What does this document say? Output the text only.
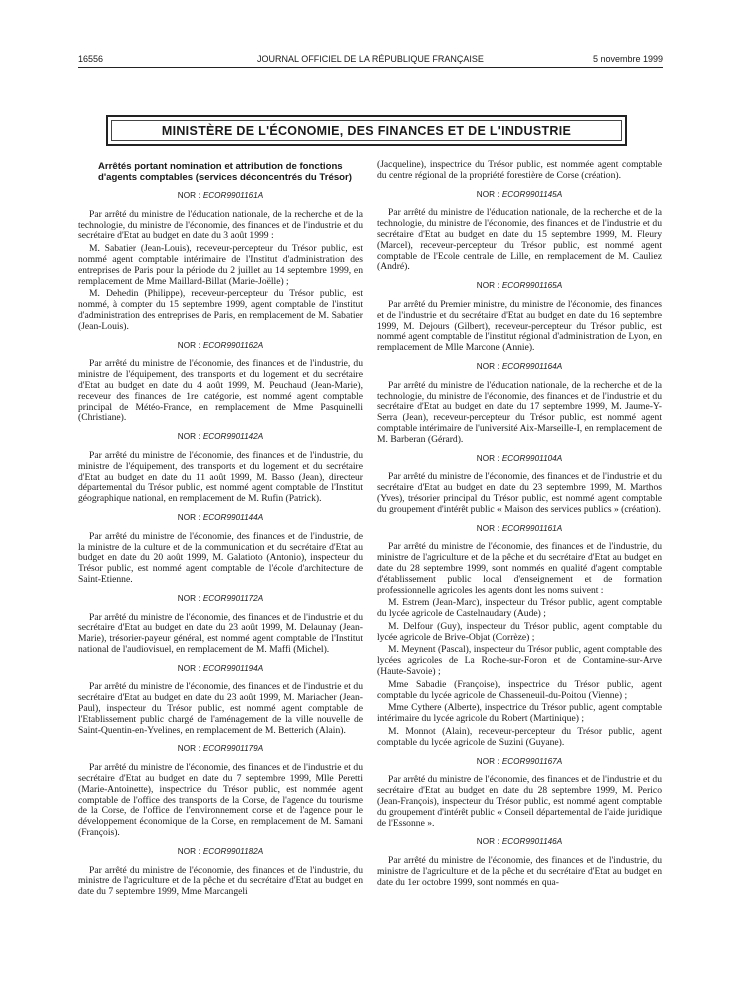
JOURNAL OFFICIEL DE LA RÉPUBLIQUE FRANÇAISE
16556	5 novembre 1999
MINISTÈRE DE L'ÉCONOMIE, DES FINANCES ET DE L'INDUSTRIE
Arrêtés portant nomination et attribution de fonctions d'agents comptables (services déconcentrés du Trésor)
NOR : ECOR9901161A
Par arrêté du ministre de l'éducation nationale, de la recherche et de la technologie, du ministre de l'économie, des finances et de l'industrie et du secrétaire d'Etat au budget en date du 3 août 1999 :
M. Sabatier (Jean-Louis), receveur-percepteur du Trésor public, est nommé agent comptable intérimaire de l'Institut d'administration des entreprises de Paris pour la période du 2 juillet au 14 septembre 1999, en remplacement de Mme Maillard-Billat (Marie-Joëlle) ;
M. Dehedin (Philippe), receveur-percepteur du Trésor public, est nommé, à compter du 15 septembre 1999, agent comptable de l'institut d'administration des entreprises de Paris, en remplacement de M. Sabatier (Jean-Louis).
NOR : ECOR9901162A
Par arrêté du ministre de l'économie, des finances et de l'industrie, du ministre de l'équipement, des transports et du logement et du secrétaire d'Etat au budget en date du 4 août 1999, M. Peuchaud (Jean-Marie), receveur des finances de 1re catégorie, est nommé agent comptable principal de Météo-France, en remplacement de Mme Pasquinelli (Christiane).
NOR : ECOR9901142A
Par arrêté du ministre de l'économie, des finances et de l'industrie, du ministre de l'équipement, des transports et du logement et du secrétaire d'Etat au budget en date du 11 août 1999, M. Basso (Jean), directeur départemental du Trésor public, est nommé agent comptable de l'Institut géographique national, en remplacement de M. Rufin (Patrick).
NOR : ECOR9901144A
Par arrêté du ministre de l'économie, des finances et de l'industrie, de la ministre de la culture et de la communication et du secrétaire d'Etat au budget en date du 20 août 1999, M. Galatioto (Antonio), inspecteur du Trésor public, est nommé agent comptable de l'école d'architecture de Saint-Etienne.
NOR : ECOR9901172A
Par arrêté du ministre de l'économie, des finances et de l'industrie et du secrétaire d'Etat au budget en date du 23 août 1999, M. Delaunay (Jean-Marie), trésorier-payeur général, est nommé agent comptable de l'Institut national de l'audiovisuel, en remplacement de M. Maffi (Michel).
NOR : ECOR9901194A
Par arrêté du ministre de l'économie, des finances et de l'industrie et du secrétaire d'Etat au budget en date du 23 août 1999, M. Mariacher (Jean-Paul), inspecteur du Trésor public, est nommé agent comptable de l'Etablissement public chargé de l'aménagement de la ville nouvelle de Saint-Quentin-en-Yvelines, en remplacement de M. Betterich (Alain).
NOR : ECOR9901179A
Par arrêté du ministre de l'économie, des finances et de l'industrie et du secrétaire d'Etat au budget en date du 7 septembre 1999, Mlle Peretti (Marie-Antoinette), inspectrice du Trésor public, est nommée agent comptable de l'office des transports de la Corse, de l'agence du tourisme de la Corse, de l'office de l'environnement corse et de l'agence pour le développement économique de la Corse, en remplacement de M. Samani (François).
NOR : ECOR9901182A
Par arrêté du ministre de l'économie, des finances et de l'industrie, du ministre de l'agriculture et de la pêche et du secrétaire d'Etat au budget en date du 7 septembre 1999, Mme Marcangeli
(Jacqueline), inspectrice du Trésor public, est nommée agent comptable du centre régional de la propriété forestière de Corse (création).
NOR : ECOR9901145A
Par arrêté du ministre de l'éducation nationale, de la recherche et de la technologie, du ministre de l'économie, des finances et de l'industrie et du secrétaire d'Etat au budget en date du 15 septembre 1999, M. Fleury (Marcel), receveur-percepteur du Trésor public, est nommé agent comptable de l'Ecole centrale de Lille, en remplacement de M. Cauliez (André).
NOR : ECOR9901165A
Par arrêté du Premier ministre, du ministre de l'économie, des finances et de l'industrie et du secrétaire d'Etat au budget en date du 16 septembre 1999, M. Dejours (Gilbert), receveur-percepteur du Trésor public, est nommé agent comptable de l'institut régional d'administration de Lyon, en remplacement de Mlle Marcone (Annie).
NOR : ECOR9901164A
Par arrêté du ministre de l'éducation nationale, de la recherche et de la technologie, du ministre de l'économie, des finances et de l'industrie et du secrétaire d'Etat au budget en date du 17 septembre 1999, M. Jaume-Y-Serra (Jean), receveur-percepteur du Trésor public, est nommé agent comptable intérimaire de l'université Aix-Marseille-I, en remplacement de M. Barberan (Gérard).
NOR : ECOR9901104A
Par arrêté du ministre de l'économie, des finances et de l'industrie et du secrétaire d'Etat au budget en date du 23 septembre 1999, M. Marthos (Yves), trésorier principal du Trésor public, est nommé agent comptable du groupement d'intérêt public « Maison des services publics » (création).
NOR : ECOR9901161A
Par arrêté du ministre de l'économie, des finances et de l'industrie, du ministre de l'agriculture et de la pêche et du secrétaire d'Etat au budget en date du 28 septembre 1999, sont nommés en qualité d'agent comptable d'établissement public local d'enseignement et de formation professionnelle agricoles les agents dont les noms suivent :
M. Estrem (Jean-Marc), inspecteur du Trésor public, agent comptable du lycée agricole de Castelnaudary (Aude) ;
M. Delfour (Guy), inspecteur du Trésor public, agent comptable du lycée agricole de Brive-Objat (Corrèze) ;
M. Meynent (Pascal), inspecteur du Trésor public, agent comptable des lycées agricoles de La Roche-sur-Foron et de Contamine-sur-Arve (Haute-Savoie) ;
Mme Sabadie (Françoise), inspectrice du Trésor public, agent comptable du lycée agricole de Chasseneuil-du-Poitou (Vienne) ;
Mme Cythere (Alberte), inspectrice du Trésor public, agent comptable intérimaire du lycée agricole du Robert (Martinique) ;
M. Monnot (Alain), receveur-percepteur du Trésor public, agent comptable du lycée agricole de Suzini (Guyane).
NOR : ECOR9901167A
Par arrêté du ministre de l'économie, des finances et de l'industrie et du secrétaire d'Etat au budget en date du 28 septembre 1999, M. Perico (Jean-François), inspecteur du Trésor public, est nommé agent comptable du groupement d'intérêt public « Conseil départemental de l'aide juridique de l'Essonne ».
NOR : ECOR9901146A
Par arrêté du ministre de l'économie, des finances et de l'industrie, du ministre de l'agriculture et de la pêche et du secrétaire d'Etat au budget en date du 1er octobre 1999, sont nommés en qua-
